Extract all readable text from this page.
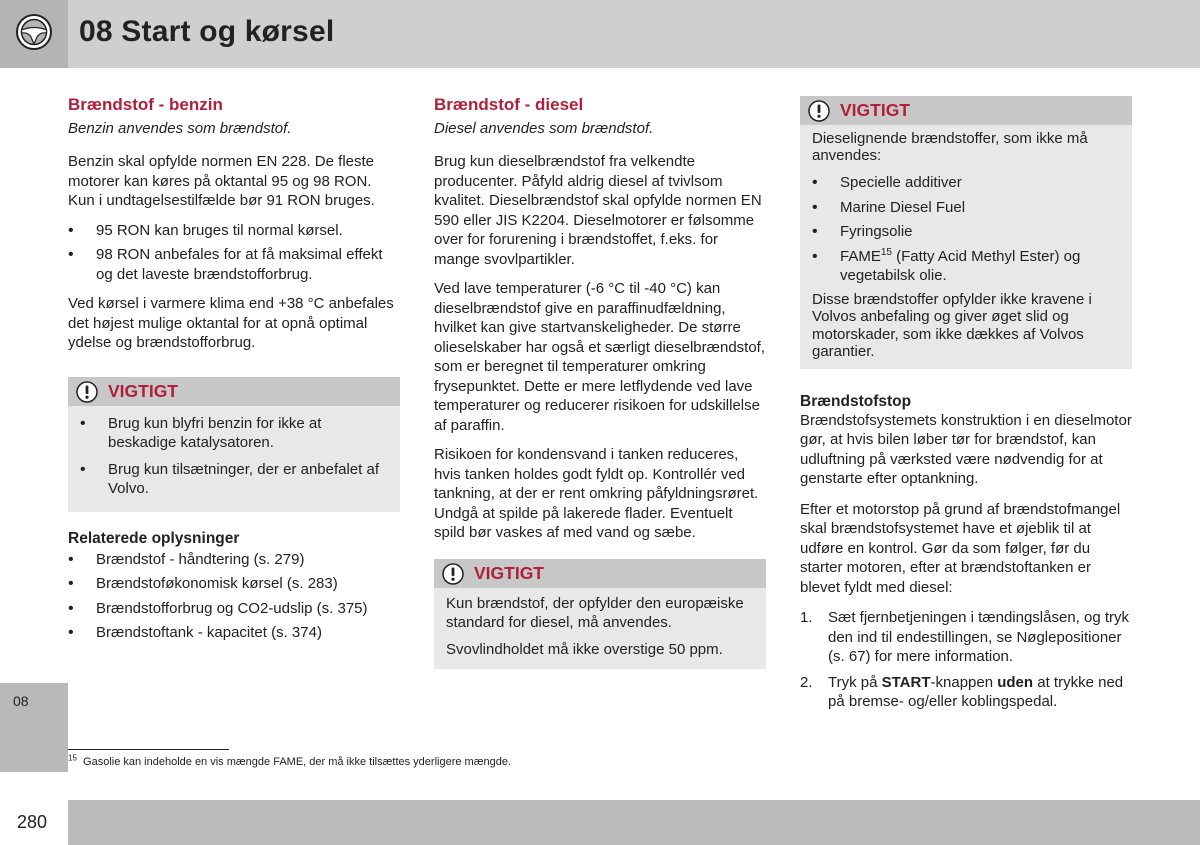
08 Start og kørsel
08
Brændstof - benzin
Benzin anvendes som brændstof.
Benzin skal opfylde normen EN 228. De fleste motorer kan køres på oktantal 95 og 98 RON. Kun i undtagelsestilfælde bør 91 RON bruges.
• 95 RON kan bruges til normal kørsel.
• 98 RON anbefales for at få maksimal effekt og det laveste brændstofforbrug.
Ved kørsel i varmere klima end +38 °C anbefales det højest mulige oktantal for at opnå optimal ydelse og brændstofforbrug.
VIGTIGT
• Brug kun blyfri benzin for ikke at beskadige katalysatoren.
• Brug kun tilsætninger, der er anbefalet af Volvo.
Relaterede oplysninger
• Brændstof - håndtering (s. 279)
• Brændstoføkonomisk kørsel (s. 283)
• Brændstofforbrug og CO2-udslip (s. 375)
• Brændstoftank - kapacitet (s. 374)
Brændstof - diesel
Diesel anvendes som brændstof.
Brug kun dieselbrændstof fra velkendte producenter. Påfyld aldrig diesel af tvivlsom kvalitet. Dieselbrændstof skal opfylde normen EN 590 eller JIS K2204. Dieselmotorer er følsomme over for forurening i brændstoffet, f.eks. for mange svovlpartikler.
Ved lave temperaturer (-6 °C til -40 °C) kan dieselbrændstof give en paraffinudfældning, hvilket kan give startvanskeligheder. De større olieselskaber har også et særligt dieselbrændstof, som er beregnet til temperaturer omkring frysepunktet. Dette er mere letflydende ved lave temperaturer og reducerer risikoen for udskillelse af paraffin.
Risikoen for kondensvand i tanken reduceres, hvis tanken holdes godt fyldt op. Kontrollér ved tankning, at der er rent omkring påfyldningsrøret. Undgå at spilde på lakerede flader. Eventuelt spild bør vaskes af med vand og sæbe.
VIGTIGT
Kun brændstof, der opfylder den europæiske standard for diesel, må anvendes.
Svovlindholdet må ikke overstige 50 ppm.
VIGTIGT
Dieselignende brændstoffer, som ikke må anvendes:
• Specielle additiver
• Marine Diesel Fuel
• Fyringsolie
• FAME$^{15}$ (Fatty Acid Methyl Ester) og vegetabilsk olie.
Disse brændstoffer opfylder ikke kravene i Volvos anbefaling og giver øget slid og motorskader, som ikke dækkes af Volvos garantier.
Brændstofstop
Brændstofsystemets konstruktion i en dieselmotor gør, at hvis bilen løber tør for brændstof, kan udluftning på værksted være nødvendig for at genstarte efter optankning.
Efter et motorstop på grund af brændstofmangel skal brændstofsystemet have et øjeblik til at udføre en kontrol. Gør da som følger, før du starter motoren, efter at brændstoftanken er blevet fyldt med diesel:
1. Sæt fjernbetjeningen i tændingslåsen, og tryk den ind til endestillingen, se Nøglepositioner (s. 67) for mere information.
2. Tryk på START-knappen uden at trykke ned på bremse- og/eller koblingspedal.
$^{15}$ Gasolie kan indeholde en vis mængde FAME, der må ikke tilsættes yderligere mængde.
280
